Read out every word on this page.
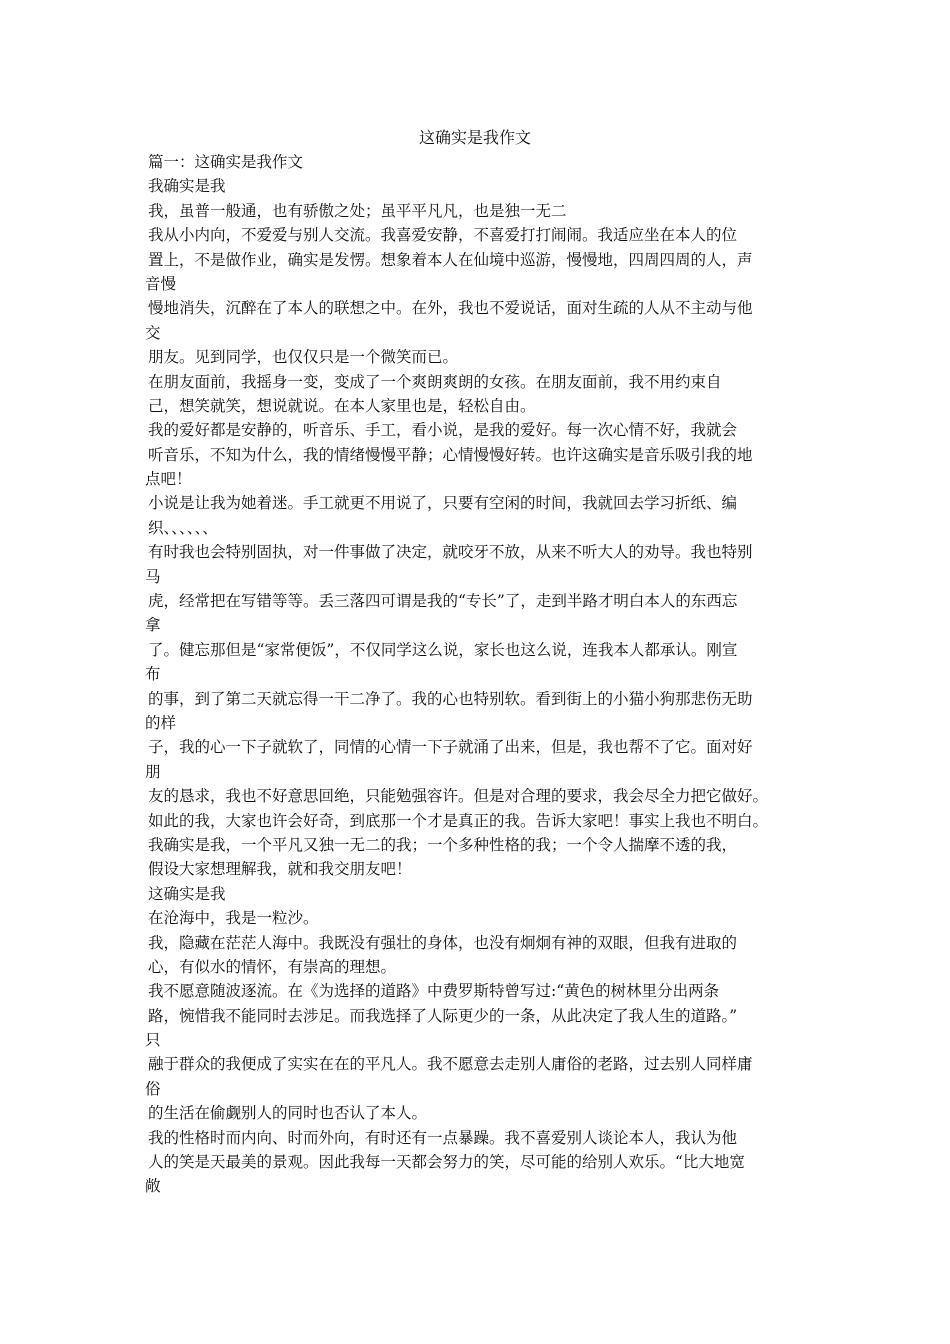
这确实是我作文
篇一：这确实是我作文
我确实是我
我，虽普一般通，也有骄傲之处；虽平平凡凡，也是独一无二
我从小内向，不爱爱与别人交流。我喜爱安静，不喜爱打打闹闹。我适应坐在本人的位
置上，不是做作业，确实是发愣。想象着本人在仙境中巡游，慢慢地，四周四周的人，声
音慢
慢地消失，沉醉在了本人的联想之中。在外，我也不爱说话，面对生疏的人从不主动与他
交
朋友。见到同学，也仅仅只是一个微笑而已。
在朋友面前，我摇身一变，变成了一个爽朗爽朗的女孩。在朋友面前，我不用约束自
己，想笑就笑，想说就说。在本人家里也是，轻松自由。
我的爱好都是安静的，听音乐、手工，看小说，是我的爱好。每一次心情不好，我就会
听音乐，不知为什么，我的情绪慢慢平静；心情慢慢好转。也许这确实是音乐吸引我的地
点吧！
小说是让我为她着迷。手工就更不用说了，只要有空闲的时间，我就回去学习折纸、编
织、、、、、、
有时我也会特别固执，对一件事做了决定，就咬牙不放，从来不听大人的劝导。我也特别
马
虎，经常把在写错等等。丢三落四可谓是我的“专长”了，走到半路才明白本人的东西忘
拿
了。健忘那但是“家常便饭”，不仅同学这么说，家长也这么说，连我本人都承认。刚宣
布
的事，到了第二天就忘得一干二净了。我的心也特别软。看到街上的小猫小狗那悲伤无助
的样
子，我的心一下子就软了，同情的心情一下子就涌了出来，但是，我也帮不了它。面对好
朋
友的恳求，我也不好意思回绝，只能勉强容许。但是对合理的要求，我会尽全力把它做好。
如此的我，大家也许会好奇，到底那一个才是真正的我。告诉大家吧！事实上我也不明白。
我确实是我，一个平凡又独一无二的我；一个多种性格的我；一个令人揣摩不透的我，
假设大家想理解我，就和我交朋友吧！
这确实是我
在沧海中，我是一粒沙。
我，隐藏在茫茫人海中。我既没有强壮的身体，也没有炯炯有神的双眼，但我有进取的
心，有似水的情怀，有崇高的理想。
我不愿意随波逐流。在《为选择的道路》中费罗斯特曾写过:“黄色的树林里分出两条
路，惋惜我不能同时去涉足。而我选择了人际更少的一条，从此决定了我人生的道路。”
只
融于群众的我便成了实实在在的平凡人。我不愿意去走别人庸俗的老路，过去别人同样庸
俗
的生活在偷觑别人的同时也否认了本人。
我的性格时而内向、时而外向，有时还有一点暴躁。我不喜爱别人谈论本人，我认为他
人的笑是天最美的景观。因此我每一天都会努力的笑，尽可能的给别人欢乐。“比大地宽
敞
